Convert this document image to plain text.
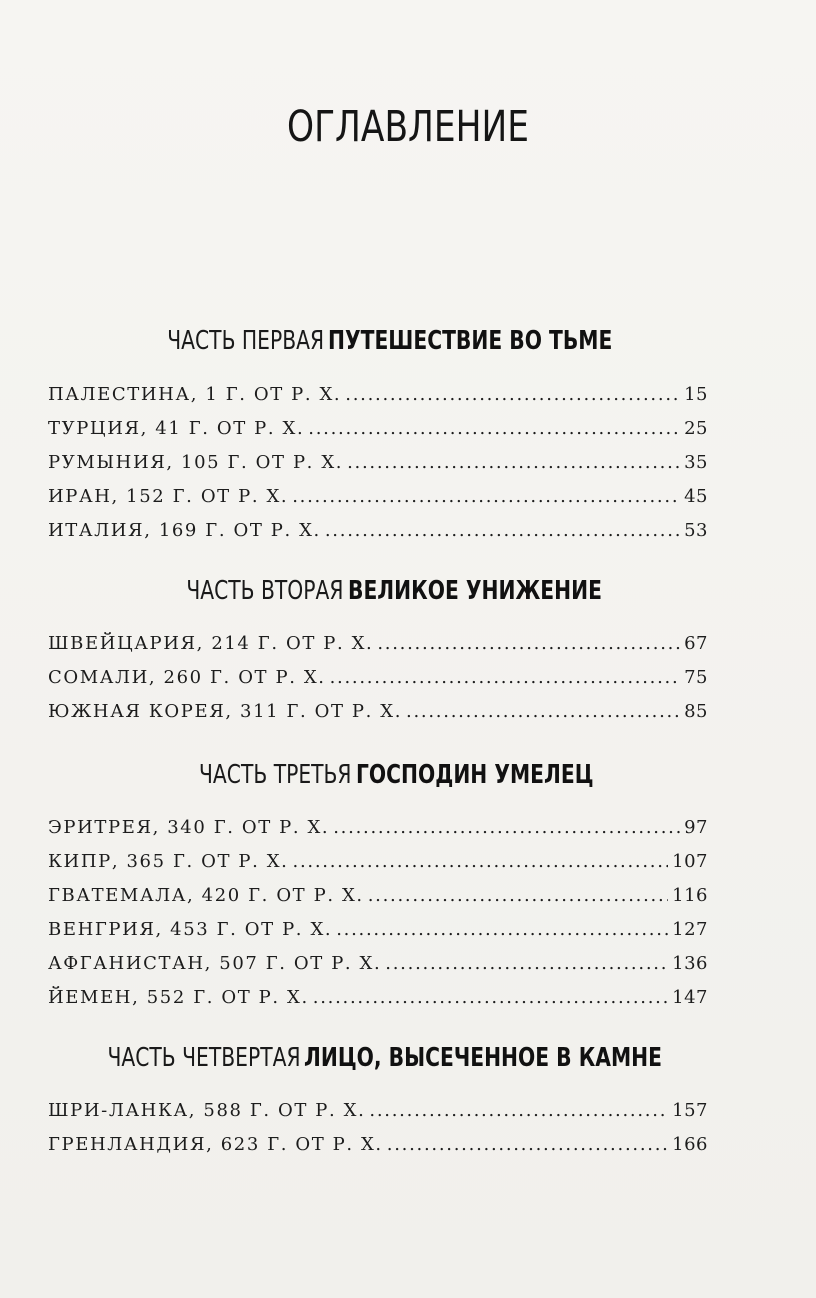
ОГЛАВЛЕНИЕ
ЧАСТЬ ПЕРВАЯ ПУТЕШЕСТВИЕ ВО ТЬМЕ
ПАЛЕСТИНА, 1 Г. ОТ Р. Х. . . .	15
ТУРЦИЯ, 41 Г. ОТ Р. Х. . . .	25
РУМЫНИЯ, 105 Г. ОТ Р. Х. . . .	35
ИРАН, 152 Г. ОТ Р. Х. . . .	45
ИТАЛИЯ, 169 Г. ОТ Р. Х. . . .	53
ЧАСТЬ ВТОРАЯ ВЕЛИКОЕ УНИЖЕНИЕ
ШВЕЙЦАРИЯ, 214 Г. ОТ Р. Х. . . .	67
СОМАЛИ, 260 Г. ОТ Р. Х. . . .	75
ЮЖНАЯ КОРЕЯ, 311 Г. ОТ Р. Х. . . .	85
ЧАСТЬ ТРЕТЬЯ ГОСПОДИН УМЕЛЕЦ
ЭРИТРЕЯ, 340 Г. ОТ Р. Х. . . .	97
КИПР, 365 Г. ОТ Р. Х. . . .	107
ГВАТЕМАЛА, 420 Г. ОТ Р. Х. . . .	116
ВЕНГРИЯ, 453 Г. ОТ Р. Х. . . .	127
АФГАНИСТАН, 507 Г. ОТ Р. Х. . . .	136
ЙЕМЕН, 552 Г. ОТ Р. Х. . . .	147
ЧАСТЬ ЧЕТВЕРТАЯ ЛИЦО, ВЫСЕЧЕННОЕ В КАМНЕ
ШРИ-ЛАНКА, 588 Г. ОТ Р. Х. . . .	157
ГРЕНЛАНДИЯ, 623 Г. ОТ Р. Х. . . .	166
